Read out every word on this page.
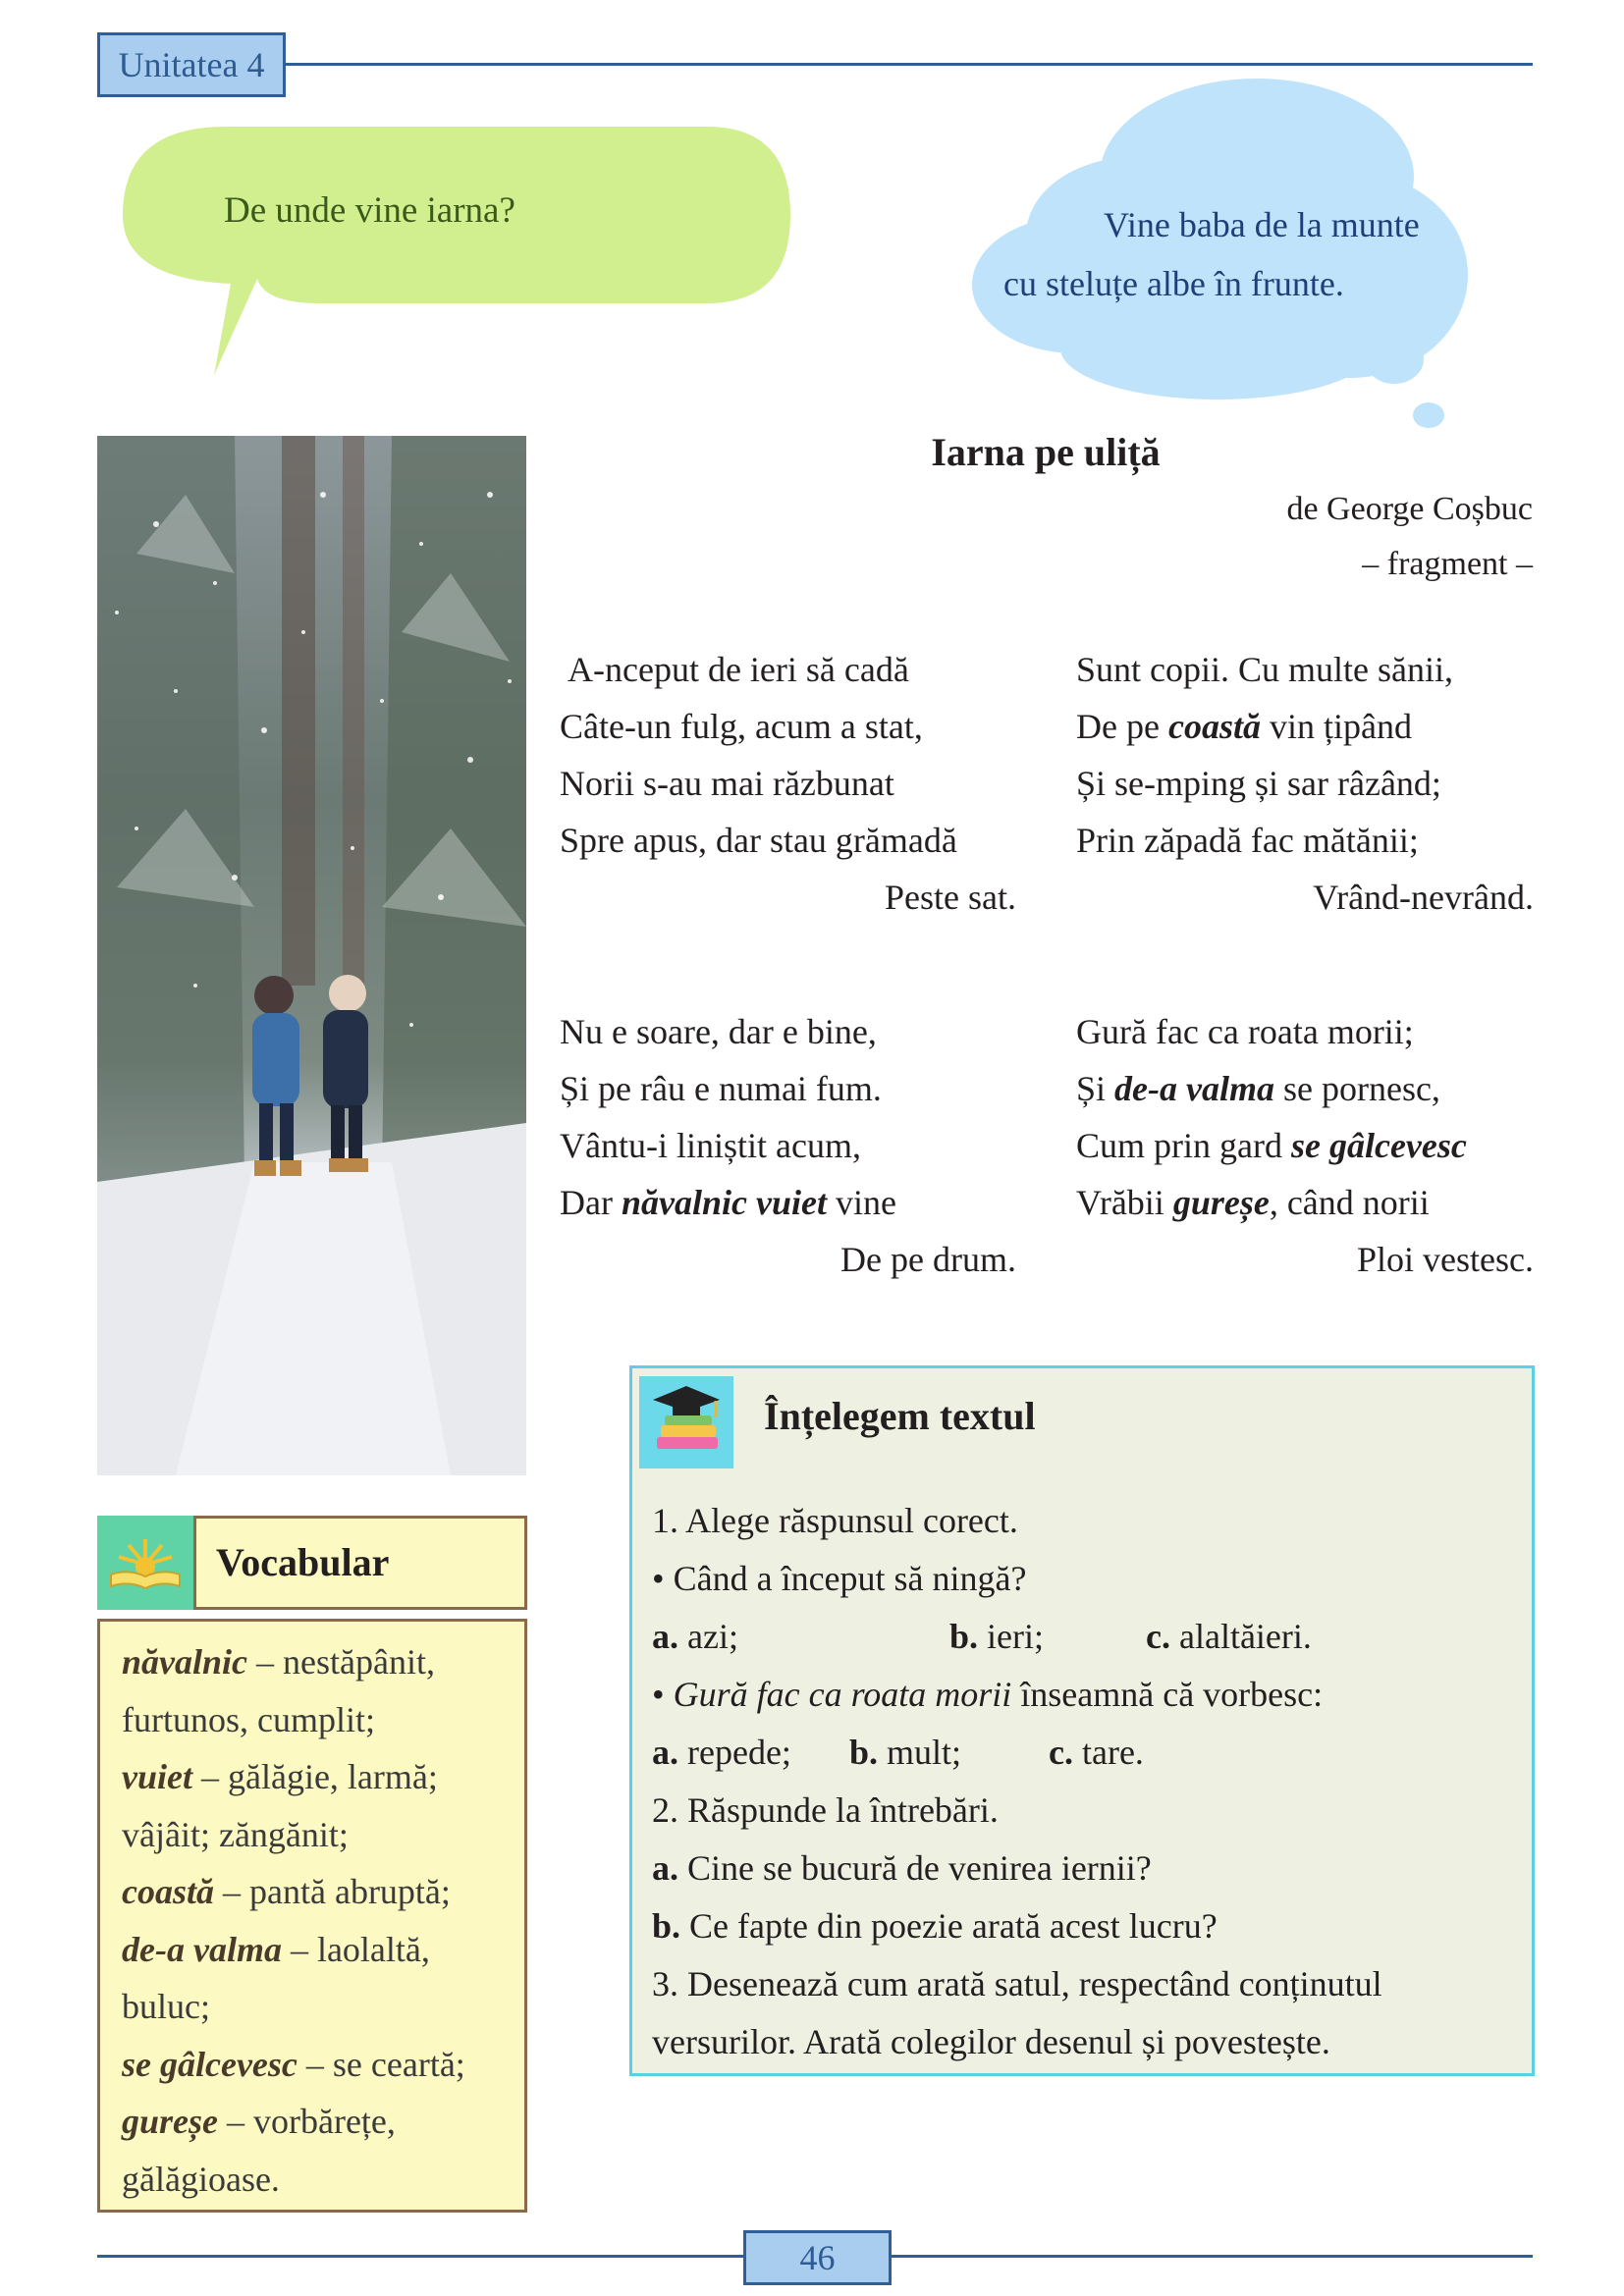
Unitatea 4
De unde vine iarna?	Vine baba de la munte
cu steluțe albe în frunte.
Iarna pe uliță
de George Coșbuc
– fragment –
A-nceput de ieri să cadă
Câte-un fulg, acum a stat,
Norii s-au mai răzbunat
Spre apus, dar stau grămadă
Peste sat.
Sunt copii. Cu multe sănii,
De pe coastă vin țipând
Și se-mping și sar râzând;
Prin zăpadă fac mătănii;
Vrând-nevrând.
Nu e soare, dar e bine,
Și pe râu e numai fum.
Vântu-i liniștit acum,
Dar năvalnic vuiet vine
De pe drum.
Gură fac ca roata morii;
Și de-a valma se pornesc,
Cum prin gard se gâlcevesc
Vrăbii gureșe, când norii
Ploi vestesc.
Înțelegem textul
1. Alege răspunsul corect.
• Când a început să ningă?
a. azi;	b. ieri;	c. alaltăieri.
• Gură fac ca roata morii înseamnă că vorbesc:
a. repede; b. mult; c. tare.
2. Răspunde la întrebări.
a. Cine se bucură de venirea iernii?
b. Ce fapte din poezie arată acest lucru?
3. Desenează cum arată satul, respectând conținutul
versurilor. Arată colegilor desenul și povestește.
Vocabular
năvalnic – nestăpânit,
furtunos, cumplit;
vuiet – gălăgie, larmă;
vâjâit; zăngănit;
coastă – pantă abruptă;
de-a valma – laolaltă,
buluc;
se gâlcevesc – se ceartă;
gureșe – vorbărețe,
gălăgioase.
46
